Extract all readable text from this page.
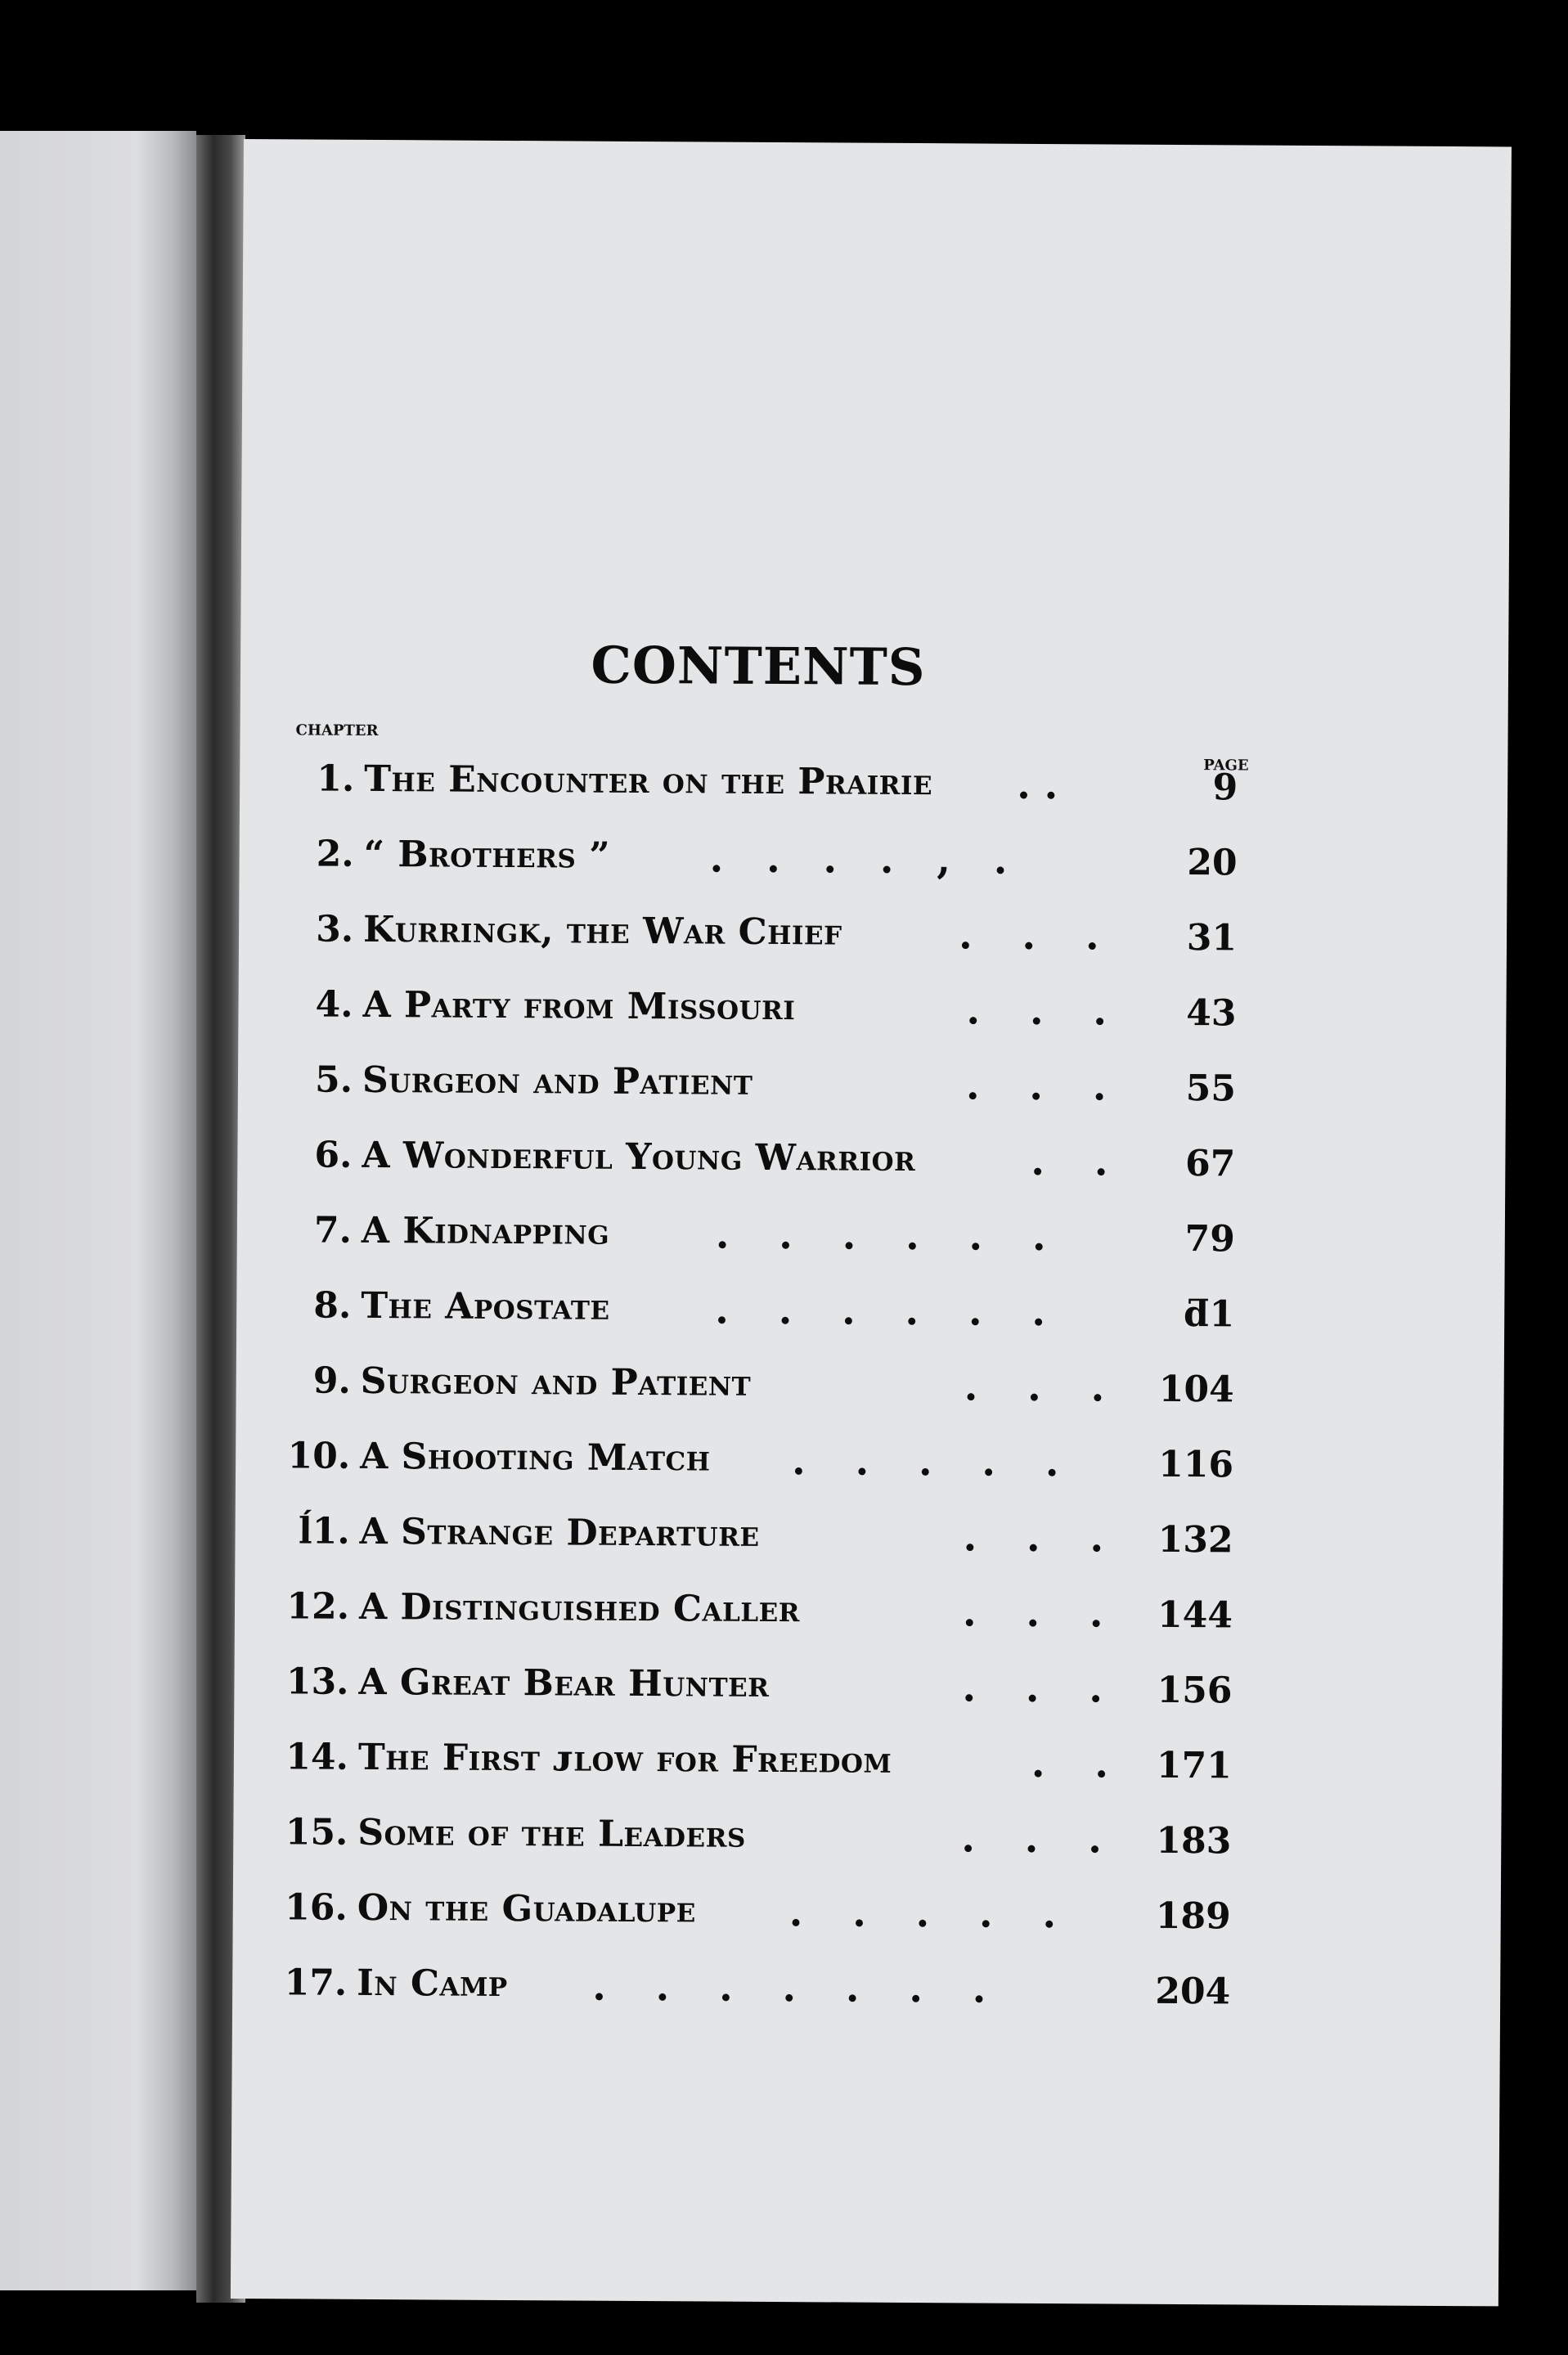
CONTENTS
CHAPTER
PAGE
1. The Encounter on the Prairie . .	9
2. “ Brothers ”	. . . . , .	20
3. Kurringk, the War Chief	. . . 31
4. A Party from Missouri	. . . 43
5. Surgeon and Patient	. . . 55
6. A Wonderful Young Warrior	. . 67
7. A Kidnapping	. . . . . .	79
8. The Apostate	. . . . . .	ƌ1
9. Surgeon and Patient	. . . 104
10. A Shooting Match . . . . . 116
ĺ1. A Strange Departure	. . . 132
12. A Distinguished Caller	. . . 144
13. A Great Bear Hunter	. . . 156
14. The First ᴊlow for Freedom	. . 171
15. Some of the Leaders	. . . 183
16. On the Guadalupe . . . . . 189
17. In Camp . . . . . . .	204
